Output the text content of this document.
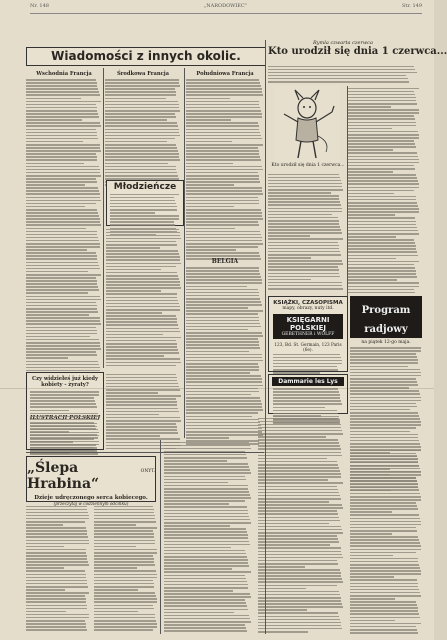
Nr. 148	„NARODOWIEC“	Str. 149
Wiadomości z innych okolic.
Wschodnia Francja	Środkowa Francja	Południowa Francja
Młodzieńcze
BELGIA
Czy widziełeś już kiedy kobiety - żyraty?
Rymla czwarta czerwca
Kto urodził się dnia 1 czerwca...
Kto urodził się dnia 1 czerwca...
KSIĄŻKI, CZASOPISMA
mapy, obrazy, nuty itd.
KSIĘGARNI POLSKIEJ
GEBETHNER i WOLFF
123, Bd. St. Germain, 123 Paris (6e).
Dammarie les Lys
Program radjowy
na piątek 12-go maja.
„Ślepa Hrabina“
ONYT.
Dzieje udręczonego serca kobiecego.
(przeczytaj w codziennym odcinku)
